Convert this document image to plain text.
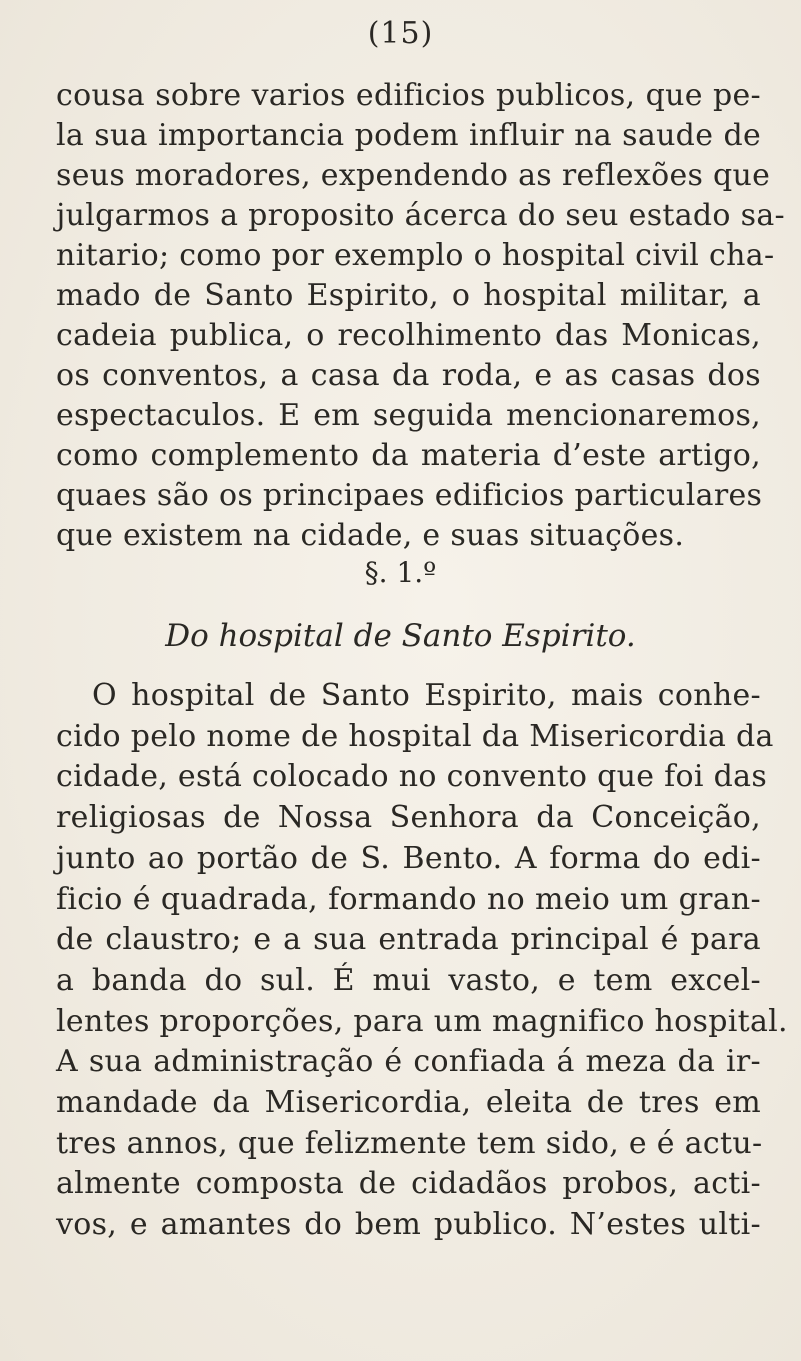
(15)
cousa sobre varios edificios publicos, que pe-
la sua importancia podem influir na saude de
seus moradores, expendendo as reflexões que
julgarmos a proposito ácerca do seu estado sa-
nitario; como por exemplo o hospital civil cha-
mado de Santo Espirito, o hospital militar, a
cadeia publica, o recolhimento das Monicas,
os conventos, a casa da roda, e as casas dos
espectaculos. E em seguida mencionaremos,
como complemento da materia d’este artigo,
quaes são os principaes edificios particulares
que existem na cidade, e suas situações.
§. 1.º
Do hospital de Santo Espirito.
O hospital de Santo Espirito, mais conhe-
cido pelo nome de hospital da Misericordia da
cidade, está colocado no convento que foi das
religiosas de Nossa Senhora da Conceição,
junto ao portão de S. Bento. A forma do edi-
ficio é quadrada, formando no meio um gran-
de claustro; e a sua entrada principal é para
a banda do sul. É mui vasto, e tem excel-
lentes proporções, para um magnifico hospital.
A sua administração é confiada á meza da ir-
mandade da Misericordia, eleita de tres em
tres annos, que felizmente tem sido, e é actu-
almente composta de cidadãos probos, acti-
vos, e amantes do bem publico. N’estes ulti-
